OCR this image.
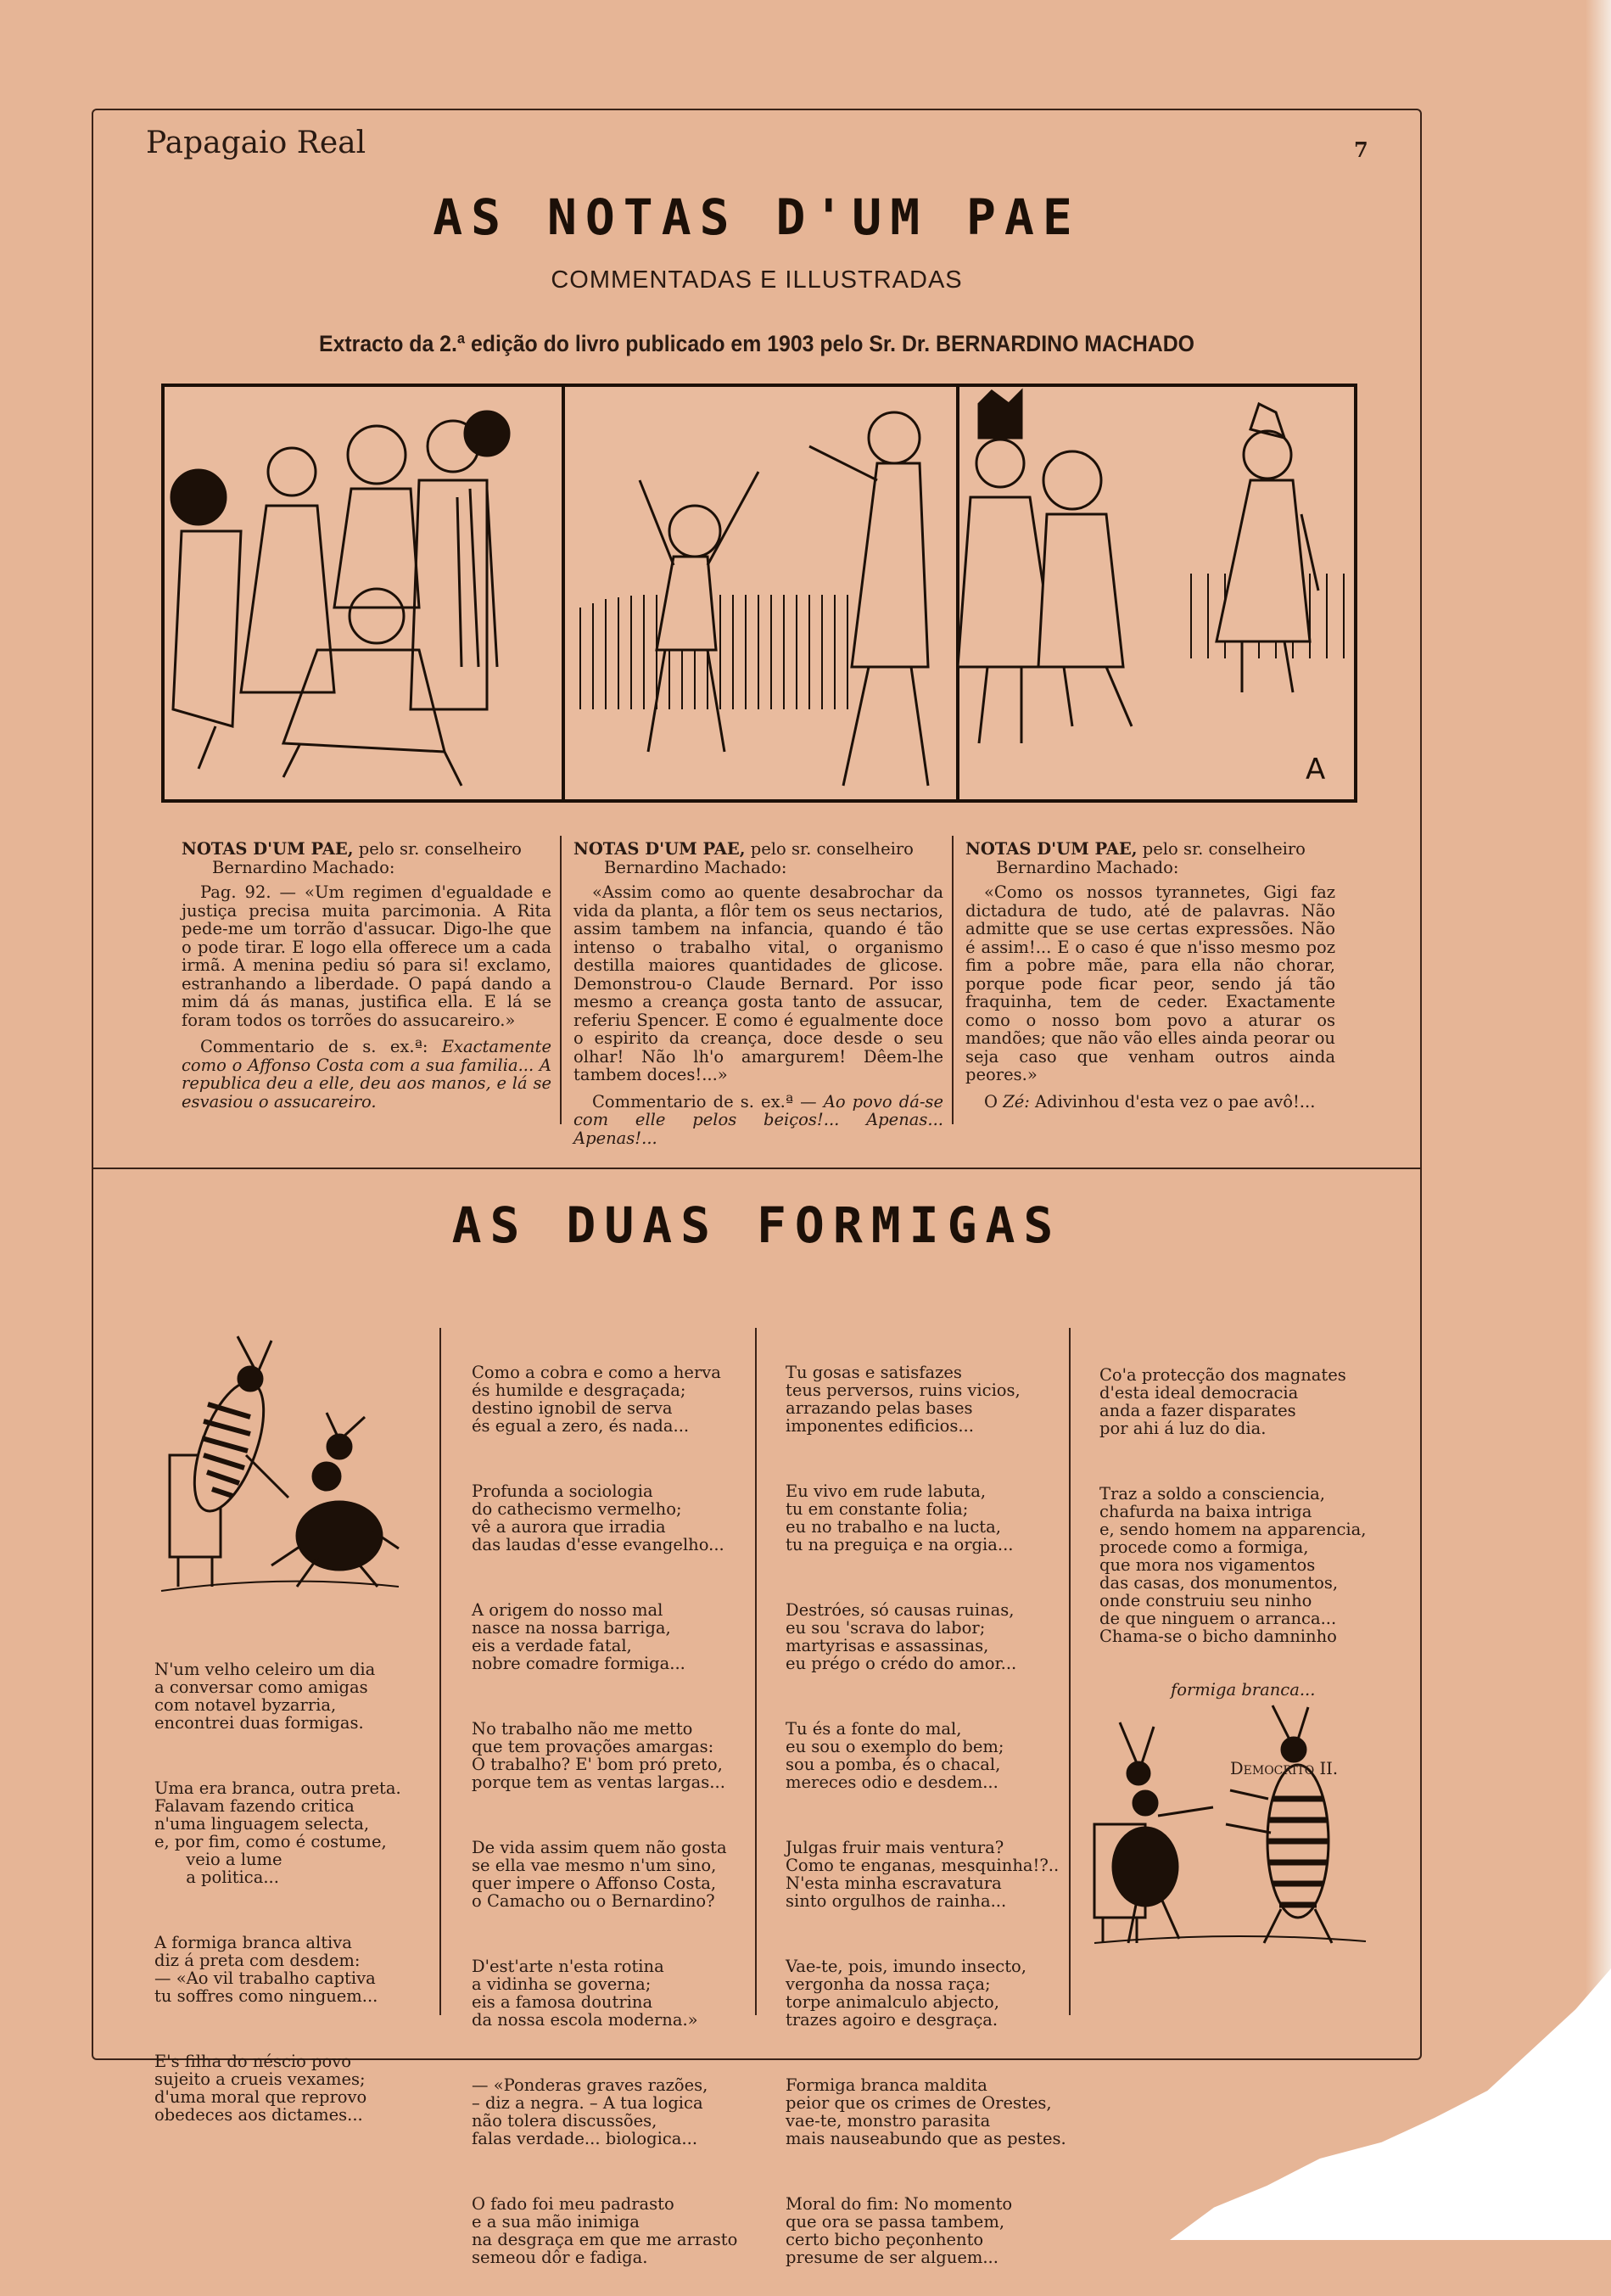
Papagaio Real	7
AS NOTAS D'UM PAE
COMMENTADAS E ILLUSTRADAS
Extracto da 2.ª edição do livro publicado em 1903 pelo Sr. Dr. BERNARDINO MACHADO
A
NOTAS D'UM PAE, pelo sr. conselheiro
Bernardino Machado:

Pag. 92. — «Um regimen d'egualdade e justiça precisa muita parcimonia. A Rita pede-me um torrão d'assucar. Digo-lhe que o pode tirar. E logo ella offerece um a cada irmã. A menina pediu só para si! exclamo, estranhando a liberdade. O papá dando a mim dá ás manas, justifica ella. E lá se foram todos os torrões do assucareiro.»

Commentario de s. ex.ª: Exactamente como o Affonso Costa com a sua familia... A republica deu a elle, deu aos manos, e lá se esvasiou o assucareiro.

NOTAS D'UM PAE, pelo sr. conselheiro
Bernardino Machado:

«Assim como ao quente desabrochar da vida da planta, a flôr tem os seus nectarios, assim tambem na infancia, quando é tão intenso o trabalho vital, o organismo destilla maiores quantidades de glicose. Demonstrou-o Claude Bernard. Por isso mesmo a creança gosta tanto de assucar, referiu Spencer. E como é egualmente doce o espirito da creança, doce desde o seu olhar! Não lh'o amargurem! Dêem-lhe tambem doces!...»

Commentario de s. ex.ª — Ao povo dá-se com elle pelos beiços!... Apenas... Apenas!...

NOTAS D'UM PAE, pelo sr. conselheiro
Bernardino Machado:

«Como os nossos tyrannetes, Gigi faz dictadura de tudo, até de palavras. Não admitte que se use certas expressões. Não é assim!... E o caso é que n'isso mesmo poz fim a pobre mãe, para ella não chorar, porque pode ficar peor, sendo já tão fraquinha, tem de ceder. Exactamente como o nosso bom povo a aturar os mandões; que não vão elles ainda peorar ou seja caso que venham outros ainda peores.»

O Zé: Adivinhou d'esta vez o pae avô!...

AS DUAS FORMIGAS

N'um velho celeiro um dia
a conversar como amigas
com notavel byzarria,
encontrei duas formigas.

Uma era branca, outra preta.
Falavam fazendo critica
n'uma linguagem selecta,
e, por fim, como é costume,
veio a lume
a politica...

A formiga branca altiva
diz á preta com desdem:
— «Ao vil trabalho captiva
tu soffres como ninguem...

E's filha do néscio povo
sujeito a crueis vexames;
d'uma moral que reprovo
obedeces aos dictames...

Como a cobra e como a herva
és humilde e desgraçada;
destino ignobil de serva
és egual a zero, és nada...

Profunda a sociologia
do cathecismo vermelho;
vê a aurora que irradia
das laudas d'esse evangelho...

A origem do nosso mal
nasce na nossa barriga,
eis a verdade fatal,
nobre comadre formiga...

No trabalho não me metto
que tem provações amargas:
O trabalho? E' bom pró preto,
porque tem as ventas largas...

De vida assim quem não gosta
se ella vae mesmo n'um sino,
quer impere o Affonso Costa,
o Camacho ou o Bernardino?

D'est'arte n'esta rotina
a vidinha se governa;
eis a famosa doutrina
da nossa escola moderna.»

— «Ponderas graves razões,
– diz a negra. – A tua logica
não tolera discussões,
falas verdade... biologica...

O fado foi meu padrasto
e a sua mão inimiga
na desgraça em que me arrasto
semeou dôr e fadiga.

Tu gosas e satisfazes
teus perversos, ruins vicios,
arrazando pelas bases
imponentes edificios...

Eu vivo em rude labuta,
tu em constante folia;
eu no trabalho e na lucta,
tu na preguiça e na orgia...

Destróes, só causas ruinas,
eu sou 'scrava do labor;
martyrisas e assassinas,
eu prégo o crédo do amor...

Tu és a fonte do mal,
eu sou o exemplo do bem;
sou a pomba, és o chacal,
mereces odio e desdem...

Julgas fruir mais ventura?
Como te enganas, mesquinha!?..
N'esta minha escravatura
sinto orgulhos de rainha...

Vae-te, pois, imundo insecto,
vergonha da nossa raça;
torpe animalculo abjecto,
trazes agoiro e desgraça.

Formiga branca maldita
peior que os crimes de Orestes,
vae-te, monstro parasita
mais nauseabundo que as pestes.

Moral do fim: No momento
que ora se passa tambem,
certo bicho peçonhento
presume de ser alguem...

Co'a protecção dos magnates
d'esta ideal democracia
anda a fazer disparates
por ahi á luz do dia.

Traz a soldo a consciencia,
chafurda na baixa intriga
e, sendo homem na apparencia,
procede como a formiga,
que mora nos vigamentos
das casas, dos monumentos,
onde construiu seu ninho
de que ninguem o arranca...
Chama-se o bicho damninho

formiga branca...

Democrito II.
